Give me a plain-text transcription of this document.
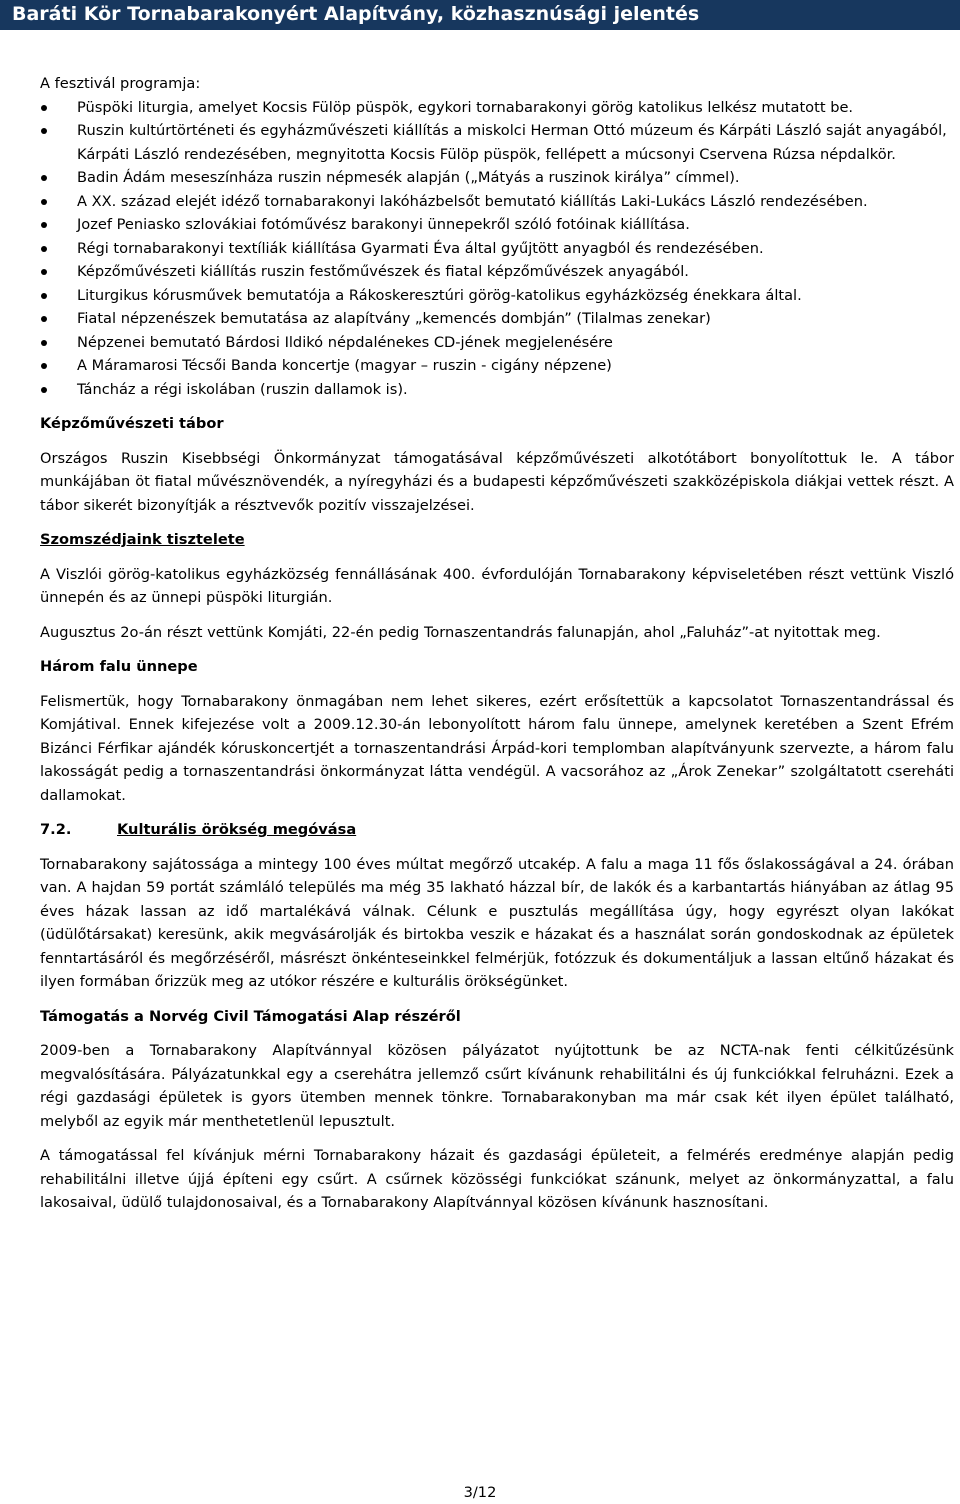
Baráti Kör Tornabarakonyért Alapítvány, közhasznúsági jelentés

A fesztivál programja:

Püspöki liturgia, amelyet Kocsis Fülöp püspök, egykori tornabarakonyi görög katolikus lelkész mutatott be.
Ruszin kultúrtörténeti és egyházművészeti kiállítás a miskolci Herman Ottó múzeum és Kárpáti László saját anyagából, Kárpáti László rendezésében, megnyitotta Kocsis Fülöp püspök, fellépett a múcsonyi Cservena Rúzsa népdalkör.
Badin Ádám meseszínháza ruszin népmesék alapján („Mátyás a ruszinok királya” címmel).
A XX. század elejét idéző tornabarakonyi lakóházbelsőt bemutató kiállítás Laki-Lukács László rendezésében.
Jozef Peniasko szlovákiai fotóművész barakonyi ünnepekről szóló fotóinak kiállítása.
Régi tornabarakonyi textíliák kiállítása Gyarmati Éva által gyűjtött anyagból és rendezésében.
Képzőművészeti kiállítás ruszin festőművészek és fiatal képzőművészek anyagából.
Liturgikus kórusművek bemutatója a Rákoskeresztúri görög-katolikus egyházközség énekkara által.
Fiatal népzenészek bemutatása az alapítvány „kemencés dombján” (Tilalmas zenekar)
Népzenei bemutató Bárdosi Ildikó népdalénekes CD-jének megjelenésére
A Máramarosi Técsői Banda koncertje (magyar – ruszin - cigány népzene)
Táncház a régi iskolában (ruszin dallamok is).
Képzőművészeti tábor

Országos Ruszin Kisebbségi Önkormányzat támogatásával képzőművészeti alkotótábort bonyolítottuk le. A tábor munkájában öt fiatal művésznövendék, a nyíregyházi és a budapesti képzőművészeti szakközépiskola diákjai vettek részt. A tábor sikerét bizonyítják a résztvevők pozitív visszajelzései.

Szomszédjaink tisztelete

A Viszlói görög-katolikus egyházközség fennállásának 400. évfordulóján Tornabarakony képviseletében részt vettünk Viszló ünnepén és az ünnepi püspöki liturgián.

Augusztus 2o-án részt vettünk Komjáti, 22-én pedig Tornaszentandrás falunapján, ahol „Faluház”-at nyitottak meg.

Három falu ünnepe

Felismertük, hogy Tornabarakony önmagában nem lehet sikeres, ezért erősítettük a kapcsolatot Tornaszentandrással és Komjátival. Ennek kifejezése volt a 2009.12.30-án lebonyolított három falu ünnepe, amelynek keretében a Szent Efrém Bizánci Férfikar ajándék kóruskoncertjét a tornaszentandrási Árpád-kori templomban alapítványunk szervezte, a három falu lakosságát pedig a tornaszentandrási önkormányzat látta vendégül. A vacsorához az „Árok Zenekar” szolgáltatott csereháti dallamokat.

7.2.	Kulturális örökség megóvása

Tornabarakony sajátossága a mintegy 100 éves múltat megőrző utcakép. A falu a maga 11 fős őslakosságával a 24. órában van. A hajdan 59 portát számláló település ma még 35 lakható házzal bír, de lakók és a karbantartás hiányában az átlag 95 éves házak lassan az idő martalékává válnak. Célunk e pusztulás megállítása úgy, hogy egyrészt olyan lakókat (üdülőtársakat) keresünk, akik megvásárolják és birtokba veszik e házakat és a használat során gondoskodnak az épületek fenntartásáról és megőrzéséről, másrészt önkénteseinkkel felmérjük, fotózzuk és dokumentáljuk a lassan eltűnő házakat és ilyen formában őrizzük meg az utókor részére e kulturális örökségünket.

Támogatás a Norvég Civil Támogatási Alap részéről

2009-ben a Tornabarakony Alapítvánnyal közösen pályázatot nyújtottunk be az NCTA-nak fenti célkitűzésünk megvalósítására. Pályázatunkkal egy a cserehátra jellemző csűrt kívánunk rehabilitálni és új funkciókkal felruházni. Ezek a régi gazdasági épületek is gyors ütemben mennek tönkre. Tornabarakonyban ma már csak két ilyen épület található, melyből az egyik már menthetetlenül lepusztult.

A támogatással fel kívánjuk mérni Tornabarakony házait és gazdasági épületeit, a felmérés eredménye alapján pedig rehabilitálni illetve újjá építeni egy csűrt. A csűrnek közösségi funkciókat szánunk, melyet az önkormányzattal, a falu lakosaival, üdülő tulajdonosaival, és a Tornabarakony Alapítvánnyal közösen kívánunk hasznosítani.

3/12
